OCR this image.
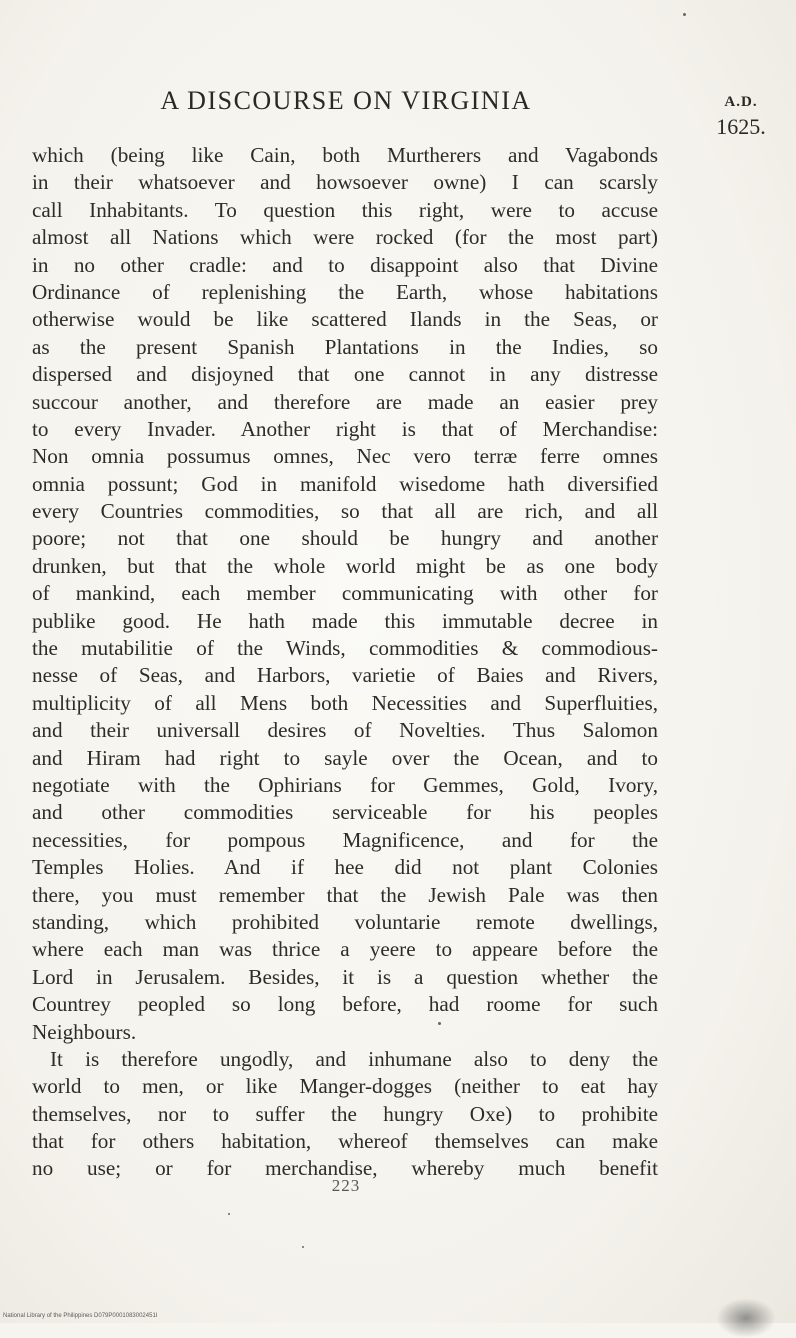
A DISCOURSE ON VIRGINIA	A.D.
1625.
which (being like Cain, both Murtherers and Vagabonds
in their whatsoever and howsoever owne) I can scarsly
call Inhabitants. To question this right, were to accuse
almost all Nations which were rocked (for the most part)
in no other cradle: and to disappoint also that Divine
Ordinance of replenishing the Earth, whose habitations
otherwise would be like scattered Ilands in the Seas, or
as the present Spanish Plantations in the Indies, so
dispersed and disjoyned that one cannot in any distresse
succour another, and therefore are made an easier prey
to every Invader. Another right is that of Merchandise:
Non omnia possumus omnes, Nec vero terræ ferre omnes
omnia possunt; God in manifold wisedome hath diversified
every Countries commodities, so that all are rich, and all
poore; not that one should be hungry and another
drunken, but that the whole world might be as one body
of mankind, each member communicating with other for
publike good. He hath made this immutable decree in
the mutabilitie of the Winds, commodities & commodious-
nesse of Seas, and Harbors, varietie of Baies and Rivers,
multiplicity of all Mens both Necessities and Superfluities,
and their universall desires of Novelties. Thus Salomon
and Hiram had right to sayle over the Ocean, and to
negotiate with the Ophirians for Gemmes, Gold, Ivory,
and other commodities serviceable for his peoples
necessities, for pompous Magnificence, and for the
Temples Holies. And if hee did not plant Colonies
there, you must remember that the Jewish Pale was then
standing, which prohibited voluntarie remote dwellings,
where each man was thrice a yeere to appeare before the
Lord in Jerusalem. Besides, it is a question whether the
Countrey peopled so long before, had roome for such
Neighbours.
It is therefore ungodly, and inhumane also to deny the
world to men, or like Manger-dogges (neither to eat hay
themselves, nor to suffer the hungry Oxe) to prohibite
that for others habitation, whereof themselves can make
no use; or for merchandise, whereby much benefit
223
National Library of the Philippines D079P0001083002451I
